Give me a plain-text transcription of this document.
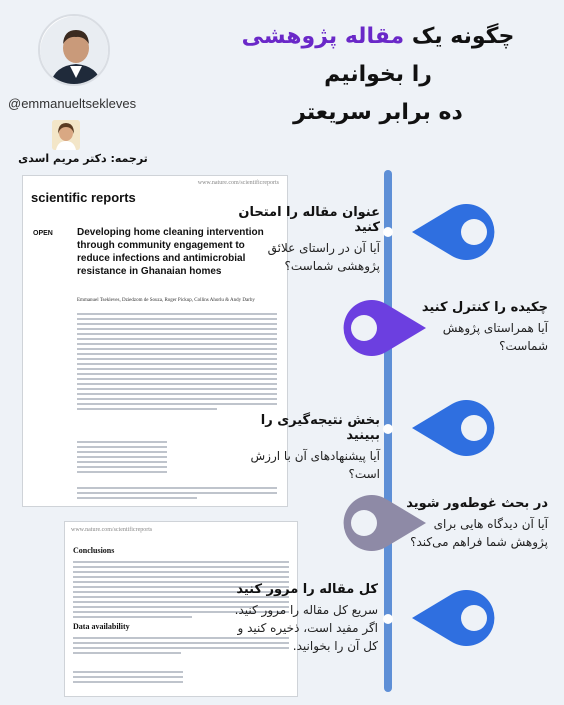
@emmanueltsekleves
ترجمه: دکتر مریم اسدی
چگونه یک مقاله پژوهشی
را بخوانیم
ده برابر سریعتر
www.nature.com/scientificreports
scientific reports
OPEN Developing home cleaning intervention through community engagement to reduce infections and antimicrobial resistance in Ghanaian homes
Emmanuel Tsekleves, Dziedzom de Souza, Roger Pickup, Collins Ahorlu & Andy Darby
www.nature.com/scientificreports
Conclusions
Data availability
عنوان مقاله را امتحان کنید
آیا آن در راستای علائق پژوهشی شماست؟
چکیده را کنترل کنید
آیا همراستای پژوهش شماست؟
بخش نتیجه‌گیری را ببینید
آیا پیشنهادهای آن با ارزش است؟
در بحث غوطه‌ور شوید
آیا آن دیدگاه هایی برای پژوهش شما فراهم می‌کند؟
کل مقاله را مرور کنید
سریع کل مقاله را مرور کنید. اگر مفید است، ذخیره کنید و کل آن را بخوانید.
